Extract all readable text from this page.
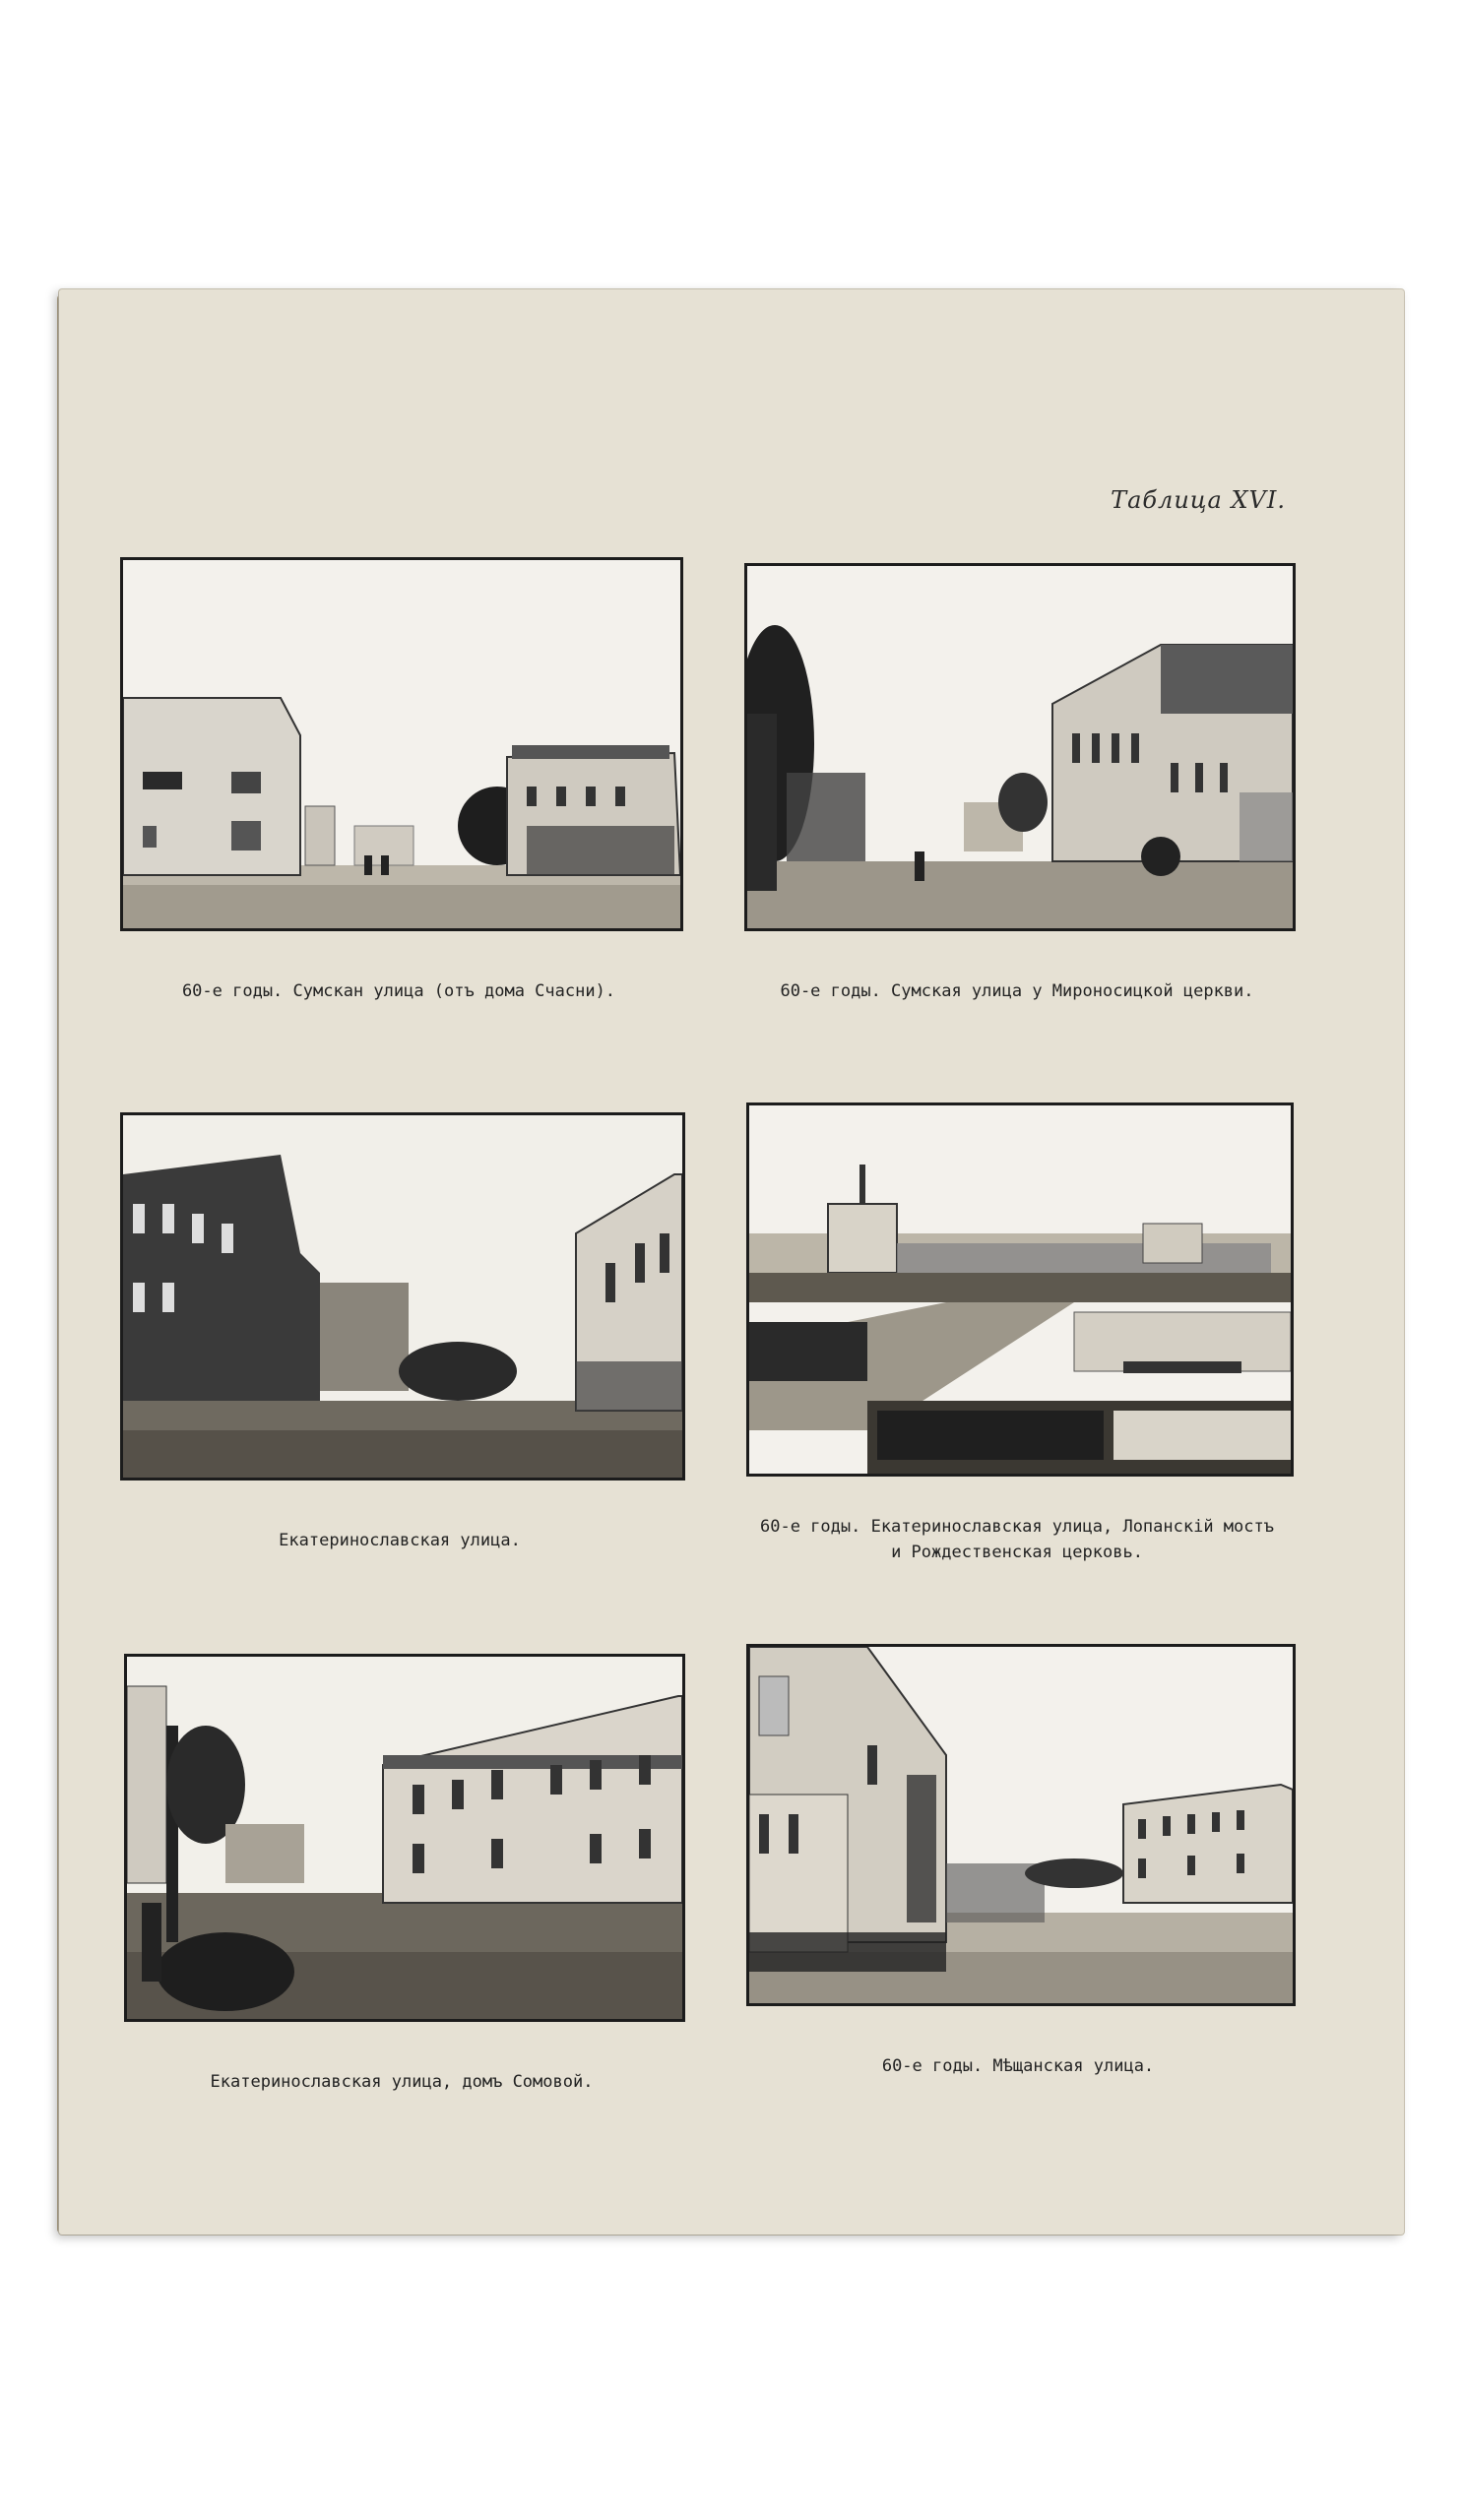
Таблица XVI.
60-е годы. Сумскан улица (отъ дома Счасни).	60-е годы. Сумская улица у Мироносицкой церкви.
Екатеринославская улица.
60-е годы. Екатеринославская улица, Лопанскій мостъ
и Рождественская церковь.
Екатеринославская улица, домъ Сомовой.
60-е годы. Мѣщанская улица.
